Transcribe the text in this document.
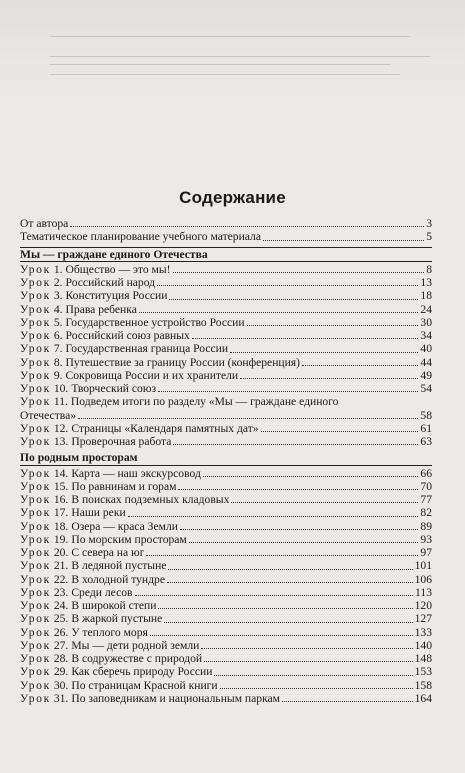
Содержание
От автора	3
Тематическое планирование учебного материала	5
Мы — граждане единого Отечества
Урок 1. Общество — это мы!	8
Урок 2. Российский народ	13
Урок 3. Конституция России	18
Урок 4. Права ребенка	24
Урок 5. Государственное устройство России	30
Урок 6. Российский союз равных	34
Урок 7. Государственная граница России	40
Урок 8. Путешествие за границу России (конференция)	44
Урок 9. Сокровища России и их хранители	49
Урок 10. Творческий союз	54
Урок 11. Подведем итоги по разделу «Мы — граждане единого
Отечества»	58
Урок 12. Страницы «Календаря памятных дат»	61
Урок 13. Проверочная работа	63
По родным просторам
Урок 14. Карта — наш экскурсовод	66
Урок 15. По равнинам и горам	70
Урок 16. В поисках подземных кладовых	77
Урок 17. Наши реки	82
Урок 18. Озера — краса Земли	89
Урок 19. По морским просторам	93
Урок 20. С севера на юг	97
Урок 21. В ледяной пустыне	101
Урок 22. В холодной тундре	106
Урок 23. Среди лесов	113
Урок 24. В широкой степи	120
Урок 25. В жаркой пустыне	127
Урок 26. У теплого моря	133
Урок 27. Мы — дети родной земли	140
Урок 28. В содружестве с природой	148
Урок 29. Как сберечь природу России	153
Урок 30. По страницам Красной книги	158
Урок 31. По заповедникам и национальным паркам	164
